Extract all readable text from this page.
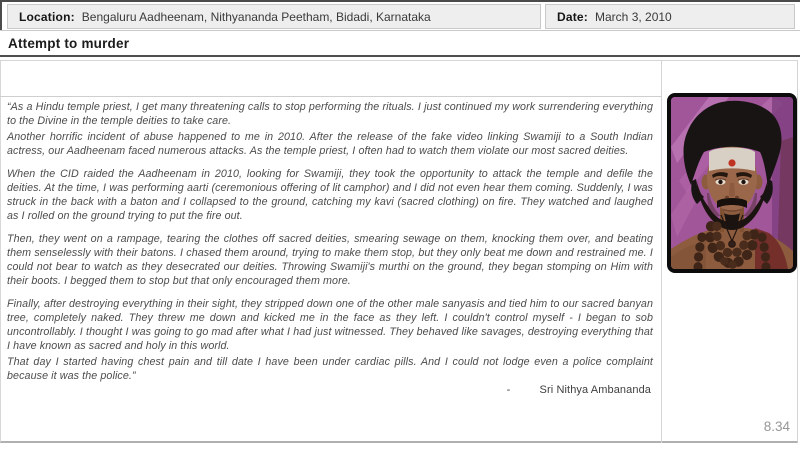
Location: Bengaluru Aadheenam, Nithyananda Peetham, Bidadi, Karnataka	Date: March 3, 2010
Attempt to murder

“As a Hindu temple priest, I get many threatening calls to stop performing the rituals. I just continued my work surrendering everything to the Divine in the temple deities to take care.

Another horrific incident of abuse happened to me in 2010. After the release of the fake video linking Swamiji to a South Indian actress, our Aadheenam faced numerous attacks. As the temple priest, I often had to watch them violate our most sacred deities.

When the CID raided the Aadheenam in 2010, looking for Swamiji, they took the opportunity to attack the temple and defile the deities. At the time, I was performing aarti (ceremonious offering of lit camphor) and I did not even hear them coming. Suddenly, I was struck in the back with a baton and I collapsed to the ground, catching my kavi (sacred clothing) on fire. They watched and laughed as I rolled on the ground trying to put the fire out.

Then, they went on a rampage, tearing the clothes off sacred deities, smearing sewage on them, knocking them over, and beating them senselessly with their batons. I chased them around, trying to make them stop, but they only beat me down and restrained me. I could not bear to watch as they desecrated our deities. Throwing Swamiji's murthi on the ground, they began stomping on Him with their boots. I begged them to stop but that only encouraged them more.

Finally, after destroying everything in their sight, they stripped down one of the other male sanyasis and tied him to our sacred banyan tree, completely naked. They threw me down and kicked me in the face as they left. I couldn't control myself - I began to sob uncontrollably. I thought I was going to go mad after what I had just witnessed. They behaved like savages, destroying everything that I have known as sacred and holy in this world.

That day I started having chest pain and till date I have been under cardiac pills. And I could not lodge even a police complaint because it was the police.”

-	Sri Nithya Ambananda

8.34
